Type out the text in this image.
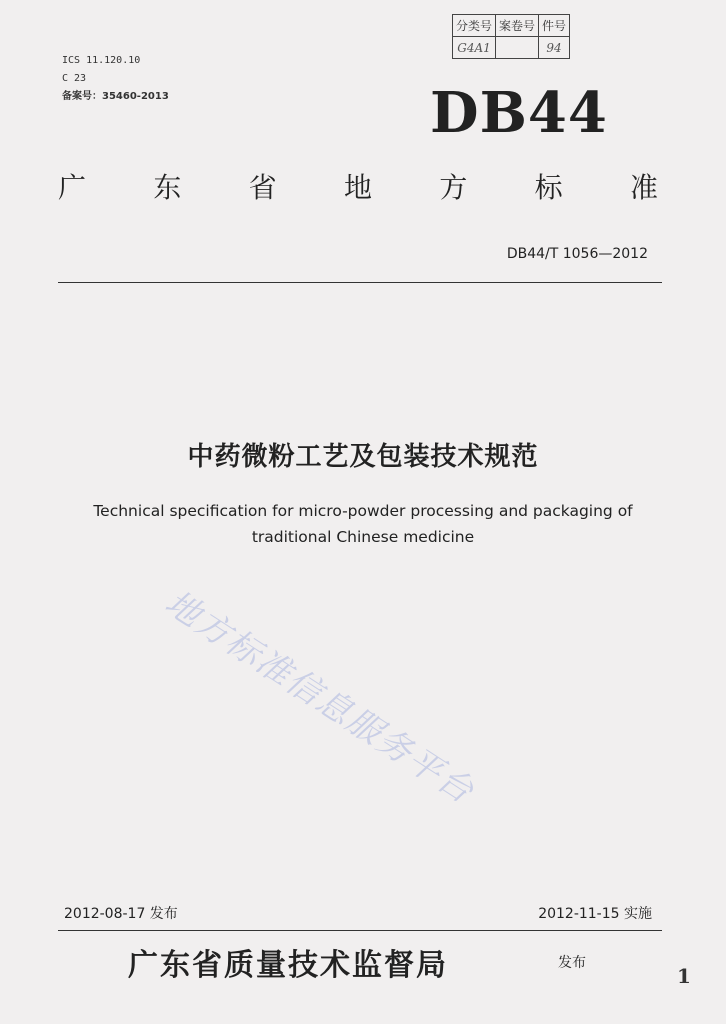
ICS 11.120.10
C 23
备案号：35460-2013
分类号	案卷号	件号
G4A1		94
DB44
广 东 省 地 方 标 准
DB44/T 1056—2012
中药微粉工艺及包装技术规范
Technical specification for micro-powder processing and packaging of
traditional Chinese medicine
地方标准信息服务平台
2012-08-17 发布	2012-11-15 实施
广东省质量技术监督局	发布
1
